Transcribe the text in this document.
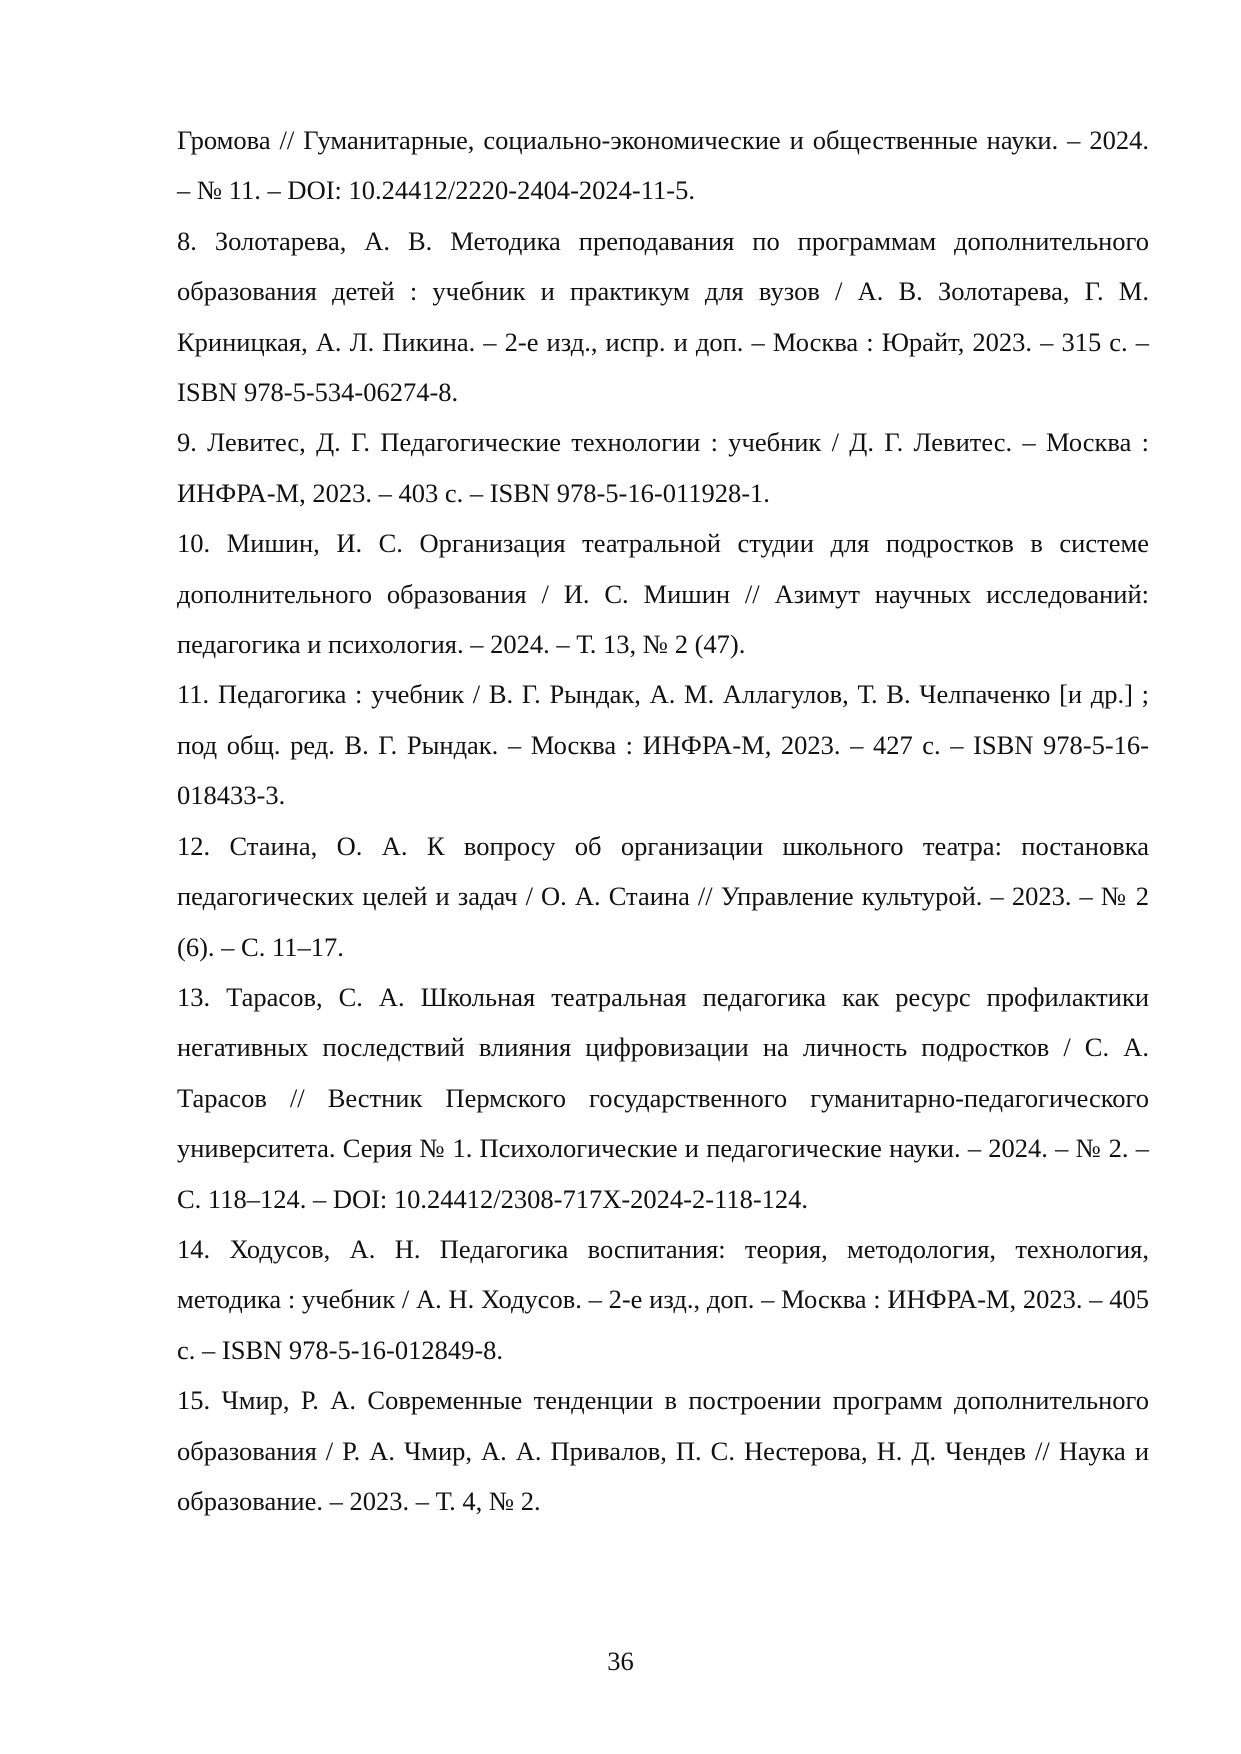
Громова // Гуманитарные, социально-экономические и общественные науки. – 2024. – № 11. – DOI: 10.24412/2220-2404-2024-11-5.

8. Золотарева, А. В. Методика преподавания по программам дополнительного образования детей : учебник и практикум для вузов / А. В. Золотарева, Г. М. Криницкая, А. Л. Пикина. – 2-е изд., испр. и доп. – Москва : Юрайт, 2023. – 315 с. – ISBN 978-5-534-06274-8.

9. Левитес, Д. Г. Педагогические технологии : учебник / Д. Г. Левитес. – Москва : ИНФРА-М, 2023. – 403 с. – ISBN 978-5-16-011928-1.

10. Мишин, И. С. Организация театральной студии для подростков в системе дополнительного образования / И. С. Мишин // Азимут научных исследований: педагогика и психология. – 2024. – Т. 13, № 2 (47).

11. Педагогика : учебник / В. Г. Рындак, А. М. Аллагулов, Т. В. Челпаченко [и др.] ; под общ. ред. В. Г. Рындак. – Москва : ИНФРА-М, 2023. – 427 с. – ISBN 978-5-16-018433-3.

12. Стаина, О. А. К вопросу об организации школьного театра: постановка педагогических целей и задач / О. А. Стаина // Управление культурой. – 2023. – № 2 (6). – С. 11–17.

13. Тарасов, С. А. Школьная театральная педагогика как ресурс профилактики негативных последствий влияния цифровизации на личность подростков / С. А. Тарасов // Вестник Пермского государственного гуманитарно-педагогического университета. Серия № 1. Психологические и педагогические науки. – 2024. – № 2. – С. 118–124. – DOI: 10.24412/2308-717X-2024-2-118-124.

14. Ходусов, А. Н. Педагогика воспитания: теория, методология, технология, методика : учебник / А. Н. Ходусов. – 2-е изд., доп. – Москва : ИНФРА-М, 2023. – 405 с. – ISBN 978-5-16-012849-8.

15. Чмир, Р. А. Современные тенденции в построении программ дополнительного образования / Р. А. Чмир, А. А. Привалов, П. С. Нестерова, Н. Д. Чендев // Наука и образование. – 2023. – Т. 4, № 2.

36
